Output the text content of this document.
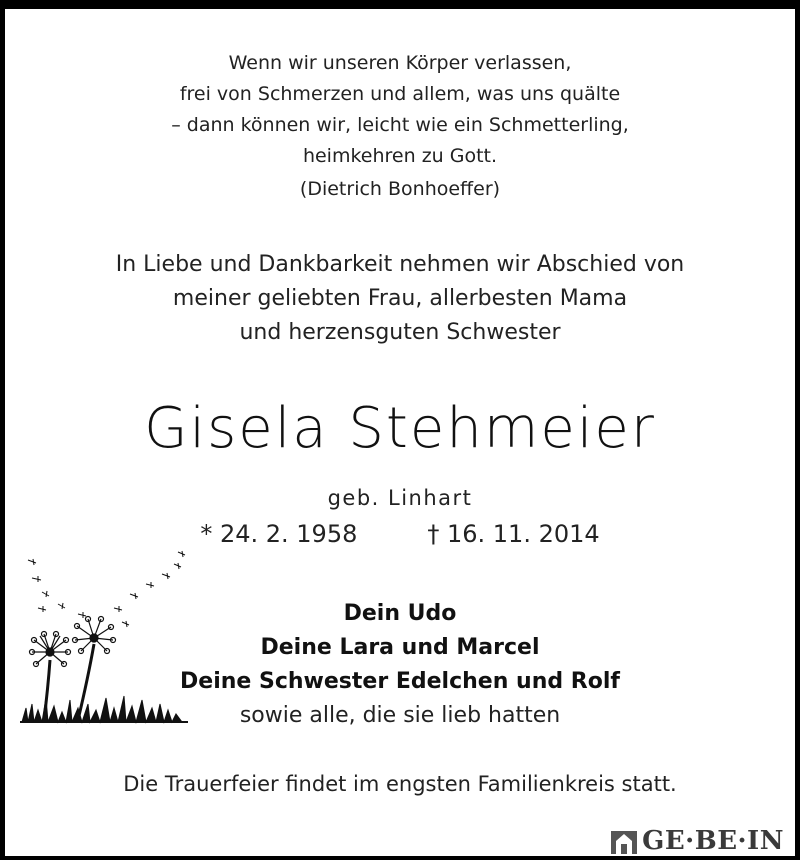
Wenn wir unseren Körper verlassen,
frei von Schmerzen und allem, was uns quälte
– dann können wir, leicht wie ein Schmetterling,
heimkehren zu Gott.
(Dietrich Bonhoeffer)
In Liebe und Dankbarkeit nehmen wir Abschied von
meiner geliebten Frau, allerbesten Mama
und herzensguten Schwester
Gisela Stehmeier
geb. Linhart
* 24. 2. 1958	† 16. 11. 2014
Dein Udo
Deine Lara und Marcel
Deine Schwester Edelchen und Rolf
sowie alle, die sie lieb hatten
Die Trauerfeier findet im engsten Familienkreis statt.
GE·BE·IN
